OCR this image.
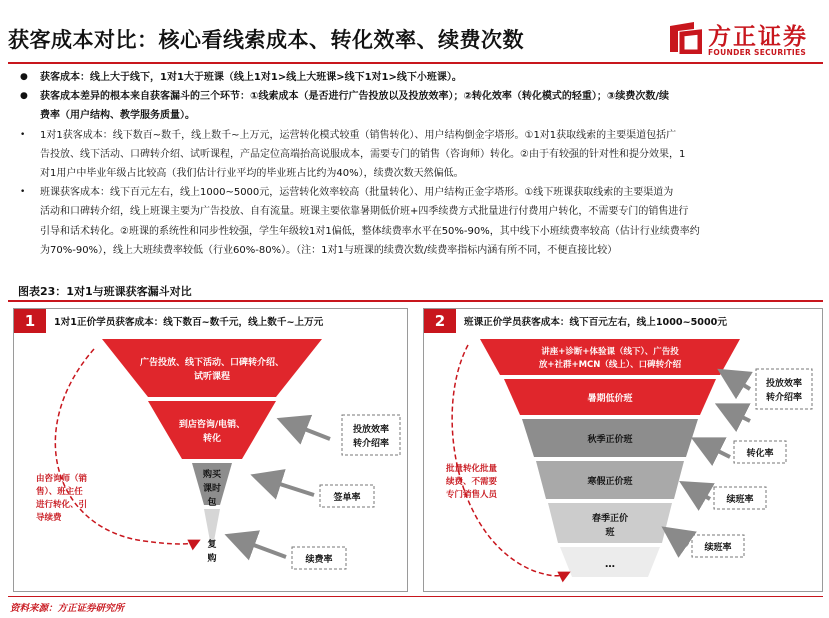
获客成本对比：核心看线索成本、转化效率、续费次数	方正证券
FOUNDER SECURITIES
● 获客成本：线上大于线下，1对1大于班课（线上1对1>线上大班课>线下1对1>线下小班课）。
● 获客成本差异的根本来自获客漏斗的三个环节：①线索成本（是否进行广告投放以及投放效率）；②转化效率（转化模式的轻重）；③续费次数/续
费率（用户结构、教学服务质量）。
• 1对1获客成本：线下数百~数千，线上数千~上万元，运营转化模式较重（销售转化）、用户结构倒金字塔形。①1对1获取线索的主要渠道包括广
告投放、线下活动、口碑转介绍、试听课程，产品定位高端抬高说服成本，需要专门的销售（咨询师）转化。②由于有较强的针对性和提分效果，1
对1用户中毕业年级占比较高（我们估计行业平均的毕业班占比约为40%），续费次数天然偏低。
• 班课获客成本：线下百元左右，线上1000~5000元，运营转化效率较高（批量转化）、用户结构正金字塔形。①线下班课获取线索的主要渠道为
活动和口碑转介绍，线上班课主要为广告投放、自有流量。班课主要依靠暑期低价班+四季续费方式批量进行付费用户转化，不需要专门的销售进行
引导和话术转化。②班课的系统性和同步性较强，学生年级较1对1偏低，整体续费率水平在50%-90%，其中线下小班续费率较高（估计行业续费率约
为70%-90%），线上大班续费率较低（行业60%-80%）。（注：1对1与班课的续费次数/续费率指标内涵有所不同，不便直接比较）
图表23：1对1与班课获客漏斗对比
1	1对1正价学员获客成本：线下数百~数千元，线上数千~上万元
广告投放、线下活动、口碑转介绍、
试听课程
到店咨询/电销、
转化
购买
课时
包
复
购
投放效率
转介绍率
签单率
续费率
由咨询师（销
售）、班主任
进行转化、引
导续费
2	班课正价学员获客成本：线下百元左右，线上1000~5000元
讲座+诊断+体验课（线下）、广告投
放+社群+MCN（线上）、口碑转介绍
暑期低价班
秋季正价班
寒假正价班
春季正价
班
…
投放效率
转介绍率
转化率
续班率
续班率
批量转化批量
续费、不需要
专门销售人员
资料来源：方正证券研究所
